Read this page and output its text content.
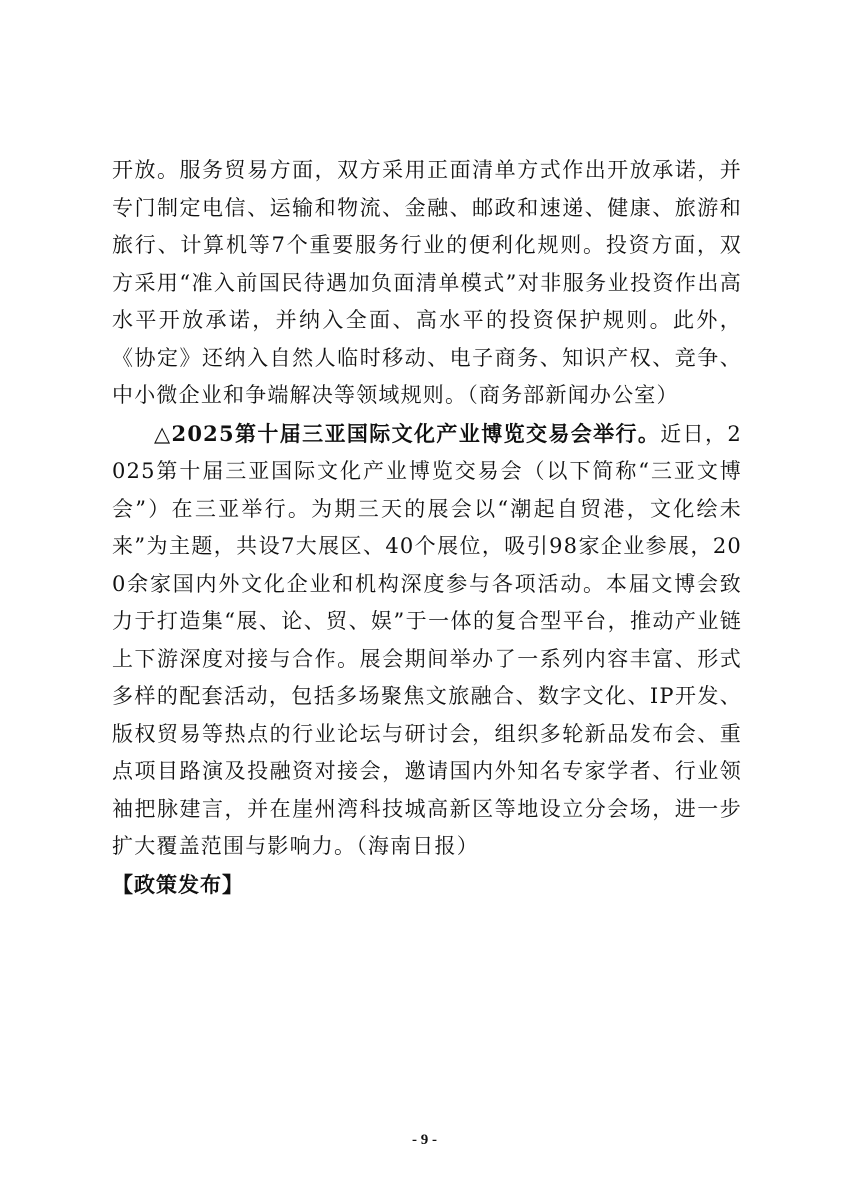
开放。服务贸易方面，双方采用正面清单方式作出开放承诺，并专门制定电信、运输和物流、金融、邮政和速递、健康、旅游和旅行、计算机等7个重要服务行业的便利化规则。投资方面，双方采用“准入前国民待遇加负面清单模式”对非服务业投资作出高水平开放承诺，并纳入全面、高水平的投资保护规则。此外，《协定》还纳入自然人临时移动、电子商务、知识产权、竞争、中小微企业和争端解决等领域规则。（商务部新闻办公室）

△2025第十届三亚国际文化产业博览交易会举行。近日，2025第十届三亚国际文化产业博览交易会（以下简称“三亚文博会”）在三亚举行。为期三天的展会以“潮起自贸港，文化绘未来”为主题，共设7大展区、40个展位，吸引98家企业参展，200余家国内外文化企业和机构深度参与各项活动。本届文博会致力于打造集“展、论、贸、娱”于一体的复合型平台，推动产业链上下游深度对接与合作。展会期间举办了一系列内容丰富、形式多样的配套活动，包括多场聚焦文旅融合、数字文化、IP开发、版权贸易等热点的行业论坛与研讨会，组织多轮新品发布会、重点项目路演及投融资对接会，邀请国内外知名专家学者、行业领袖把脉建言，并在崖州湾科技城高新区等地设立分会场，进一步扩大覆盖范围与影响力。（海南日报）

【政策发布】

- 9 -
